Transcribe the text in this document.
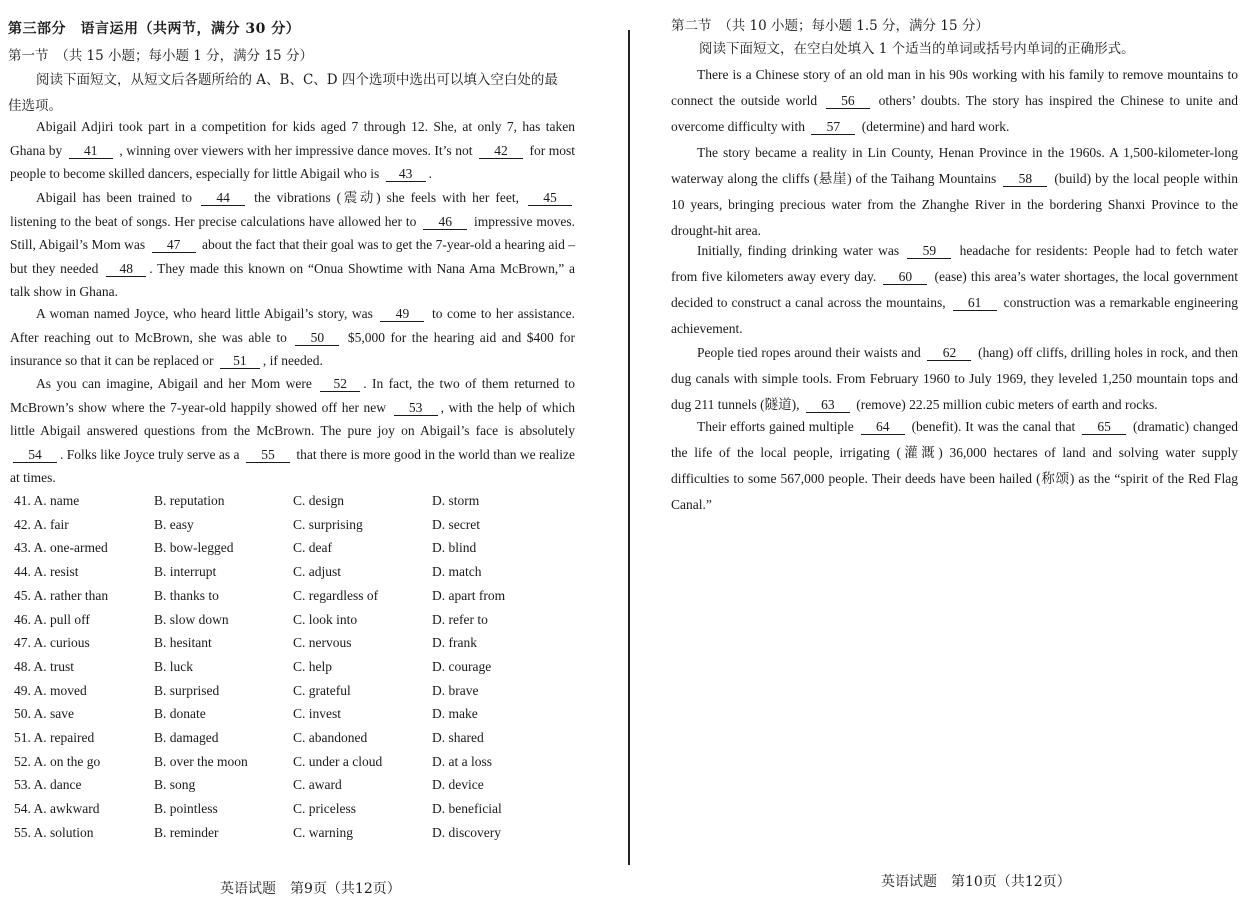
第三部分　语言运用（共两节，满分 30 分）
第一节　（共 15 小题；每小题 1 分，满分 15 分）
阅读下面短文，从短文后各题所给的 A、B、C、D 四个选项中选出可以填入空白处的最
佳选项。
Abigail Adjiri took part in a competition for kids aged 7 through 12. She, at only 7, has taken Ghana by 41 , winning over viewers with her impressive dance moves. It’s not 42 for most people to become skilled dancers, especially for little Abigail who is 43 .
Abigail has been trained to 44 the vibrations (震动) she feels with her feet, 45 listening to the beat of songs. Her precise calculations have allowed her to 46 impressive moves. Still, Abigail’s Mom was 47 about the fact that their goal was to get the 7-year-old a hearing aid – but they needed 48 . They made this known on “Onua Showtime with Nana Ama McBrown,” a talk show in Ghana.
A woman named Joyce, who heard little Abigail’s story, was 49 to come to her assistance. After reaching out to McBrown, she was able to 50 $5,000 for the hearing aid and $400 for insurance so that it can be replaced or 51 , if needed.
As you can imagine, Abigail and her Mom were 52 . In fact, the two of them returned to McBrown’s show where the 7-year-old happily showed off her new 53 , with the help of which little Abigail answered questions from the McBrown. The pure joy on Abigail’s face is absolutely 54 . Folks like Joyce truly serve as a 55 that there is more good in the world than we realize at times.
41. A. name	B. reputation	C. design	D. storm
42. A. fair	B. easy	C. surprising	D. secret
43. A. one-armed	B. bow-legged	C. deaf	D. blind
44. A. resist	B. interrupt	C. adjust	D. match
45. A. rather than	B. thanks to	C. regardless of	D. apart from
46. A. pull off	B. slow down	C. look into	D. refer to
47. A. curious	B. hesitant	C. nervous	D. frank
48. A. trust	B. luck	C. help	D. courage
49. A. moved	B. surprised	C. grateful	D. brave
50. A. save	B. donate	C. invest	D. make
51. A. repaired	B. damaged	C. abandoned	D. shared
52. A. on the go	B. over the moon	C. under a cloud	D. at a loss
53. A. dance	B. song	C. award	D. device
54. A. awkward	B. pointless	C. priceless	D. beneficial
55. A. solution	B. reminder	C. warning	D. discovery
英语试题　第9页（共12页）
第二节　（共 10 小题；每小题 1.5 分，满分 15 分）
阅读下面短文，在空白处填入 1 个适当的单词或括号内单词的正确形式。
There is a Chinese story of an old man in his 90s working with his family to remove mountains to connect the outside world 56 others’ doubts. The story has inspired the Chinese to unite and overcome difficulty with 57 (determine) and hard work.
The story became a reality in Lin County, Henan Province in the 1960s. A 1,500-kilometer-long waterway along the cliffs (悬崖) of the Taihang Mountains 58 (build) by the local people within 10 years, bringing precious water from the Zhanghe River in the bordering Shanxi Province to the drought-hit area.
Initially, finding drinking water was 59 headache for residents: People had to fetch water from five kilometers away every day. 60 (ease) this area’s water shortages, the local government decided to construct a canal across the mountains, 61 construction was a remarkable engineering achievement.
People tied ropes around their waists and 62 (hang) off cliffs, drilling holes in rock, and then dug canals with simple tools. From February 1960 to July 1969, they leveled 1,250 mountain tops and dug 211 tunnels (隧道), 63 (remove) 22.25 million cubic meters of earth and rocks.
Their efforts gained multiple 64 (benefit). It was the canal that 65 (dramatic) changed the life of the local people, irrigating (灌溉) 36,000 hectares of land and solving water supply difficulties to some 567,000 people. Their deeds have been hailed (称颂) as the “spirit of the Red Flag Canal.”
英语试题　第10页（共12页）
